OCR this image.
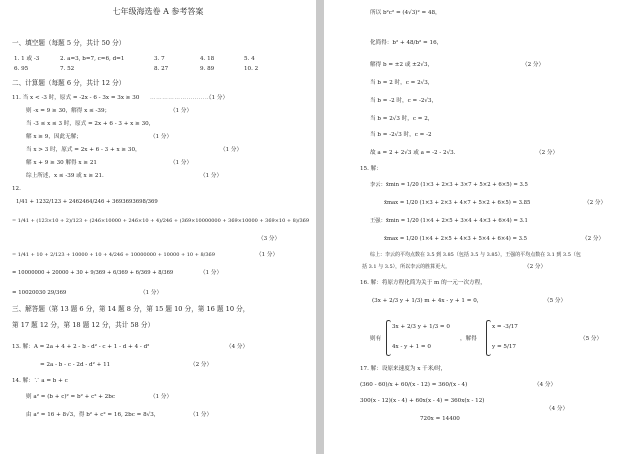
七年级海选卷 A 参考答案
一、填空题（每题 5 分，共计 50 分）
1. 1 或 -3	2. a=3, b=7, c=6, d=1	3. 7	4. 18	5. 4
6. 95	7. 52	8. 27	9. 89	10. 2
二、计算题（每题 6 分，共计 12 分）
11. 当 x < -3 时，原式 = -2x - 6 - 3x = 3x ≥ 30 …………………………
（1 分）
则 -x = 9 ≥ 30，解得 x ≤ -39；	（1 分）
当 -3 ≤ x ≤ 3 时，原式 = 2x + 6 - 3 + x ≥ 30，
解 x ≥ 9，因此无解；	（1 分）
当 x > 3 时，原式 = 2x + 6 - 3 + x ≥ 30，	（1 分）
解 x + 9 ≥ 30 解得 x ≥ 21	（1 分）
综上所述，x ≤ -39 或 x ≥ 21.	（1 分）
12.
1/41 + 1232/123 + 2462464/246 + 3693693698/369
= 1/41 + (123×10 + 2)/123 + (246×10000 + 246×10 + 4)/246 + (369×10000000 + 369×10000 + 369×10 + 8)/369
（3 分）
= 1/41 + 10 + 2/123 + 10000 + 10 + 4/246 + 10000000 + 10000 + 10 + 8/369	（1 分）
= 10000000 + 20000 + 30 + 9/369 + 6/369 + 6/369 + 8/369	（1 分）
= 10020030 29/369	（1 分）
三、解答题（第 13 题 6 分，第 14 题 8 分，第 15 题 10 分，第 16 题 10 分，
第 17 题 12 分，第 18 题 12 分，共计 58 分）
13. 解：A = 2a + 4 + 2 - b - d² - c + 1 - d + 4 - d²	（4 分）
= 2a - b - c - 2d - d² + 11	（2 分）
14. 解：∵ a = b + c
则 a² = (b + c)² = b² + c² + 2bc	（1 分）
由 a² = 16 + 8√3，得 b² + c² = 16, 2bc = 8√3，	（1 分）
所以 b²c² = (4√3)² = 48，
化简得：b² + 48/b² = 16，
解得 b = ±2 或 ±2√3，	（2 分）
当 b = 2 时，c = 2√3，
当 b = -2 时，c = -2√3，
当 b = 2√3 时，c = 2，
当 b = -2√3 时，c = -2
故 a = 2 + 2√3 或 a = -2 - 2√3.	（2 分）
15. 解：
李云：x̄min = 1/20 (1×3 + 2×3 + 3×7 + 5×2 + 6×5) = 3.5
x̄max = 1/20 (1×3 + 2×3 + 4×7 + 5×2 + 6×5) = 3.85	（2 分）
王强：x̄min = 1/20 (1×4 + 2×5 + 3×4 + 4×3 + 6×4) = 3.1
x̄max = 1/20 (1×4 + 2×5 + 4×3 + 5×4 + 6×4) = 3.5	（2 分）
综上：李云的平均点数在 3.5 到 3.85（包括 3.5 与 3.85），王强的平均点数在 3.1 到 3.5（包
括 3.1 与 3.5），所以李云的胜算更大。	（2 分）
16. 解：将原方程化简为关于 m 的一元一次方程，
(3x + 2/3 y + 1/3) m + 4x - y + 1 = 0，	（5 分）
则有
3x + 2/3 y + 1/3 = 0
4x - y + 1 = 0
，解得
x = -3/17
y = 5/17
（5 分）
17. 解：设原来速度为 x 千米/时，
(360 - 60)/x + 60/(x - 12) = 360/(x - 4)	（4 分）
300(x - 12)(x - 4) + 60x(x - 4) = 360x(x - 12)
（4 分）
720x = 14400
